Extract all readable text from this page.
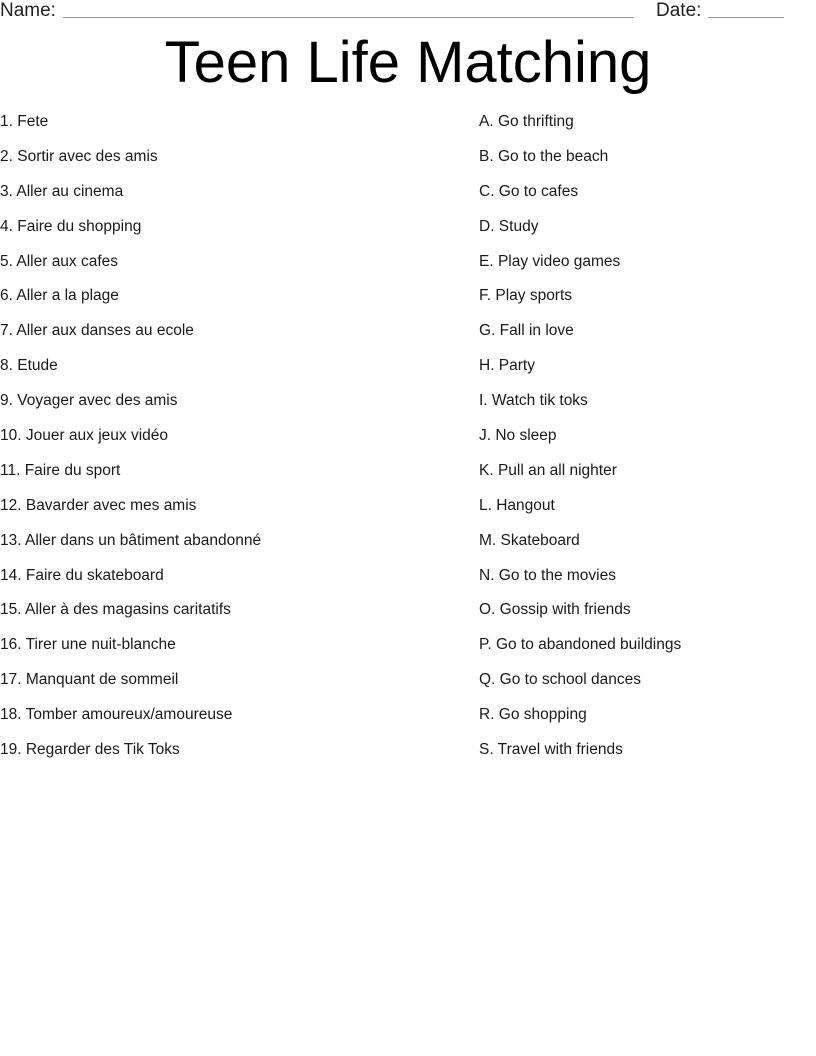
Name:	Date:
Teen Life Matching
1. Fete
2. Sortir avec des amis
3. Aller au cinema
4. Faire du shopping
5. Aller aux cafes
6. Aller a la plage
7. Aller aux danses au ecole
8. Etude
9. Voyager avec des amis
10. Jouer aux jeux vidéo
11. Faire du sport
12. Bavarder avec mes amis
13. Aller dans un bâtiment abandonné
14. Faire du skateboard
15. Aller à des magasins caritatifs
16. Tirer une nuit-blanche
17. Manquant de sommeil
18. Tomber amoureux/amoureuse
19. Regarder des Tik Toks
A. Go thrifting
B. Go to the beach
C. Go to cafes
D. Study
E. Play video games
F. Play sports
G. Fall in love
H. Party
I. Watch tik toks
J. No sleep
K. Pull an all nighter
L. Hangout
M. Skateboard
N. Go to the movies
O. Gossip with friends
P. Go to abandoned buildings
Q. Go to school dances
R. Go shopping
S. Travel with friends
